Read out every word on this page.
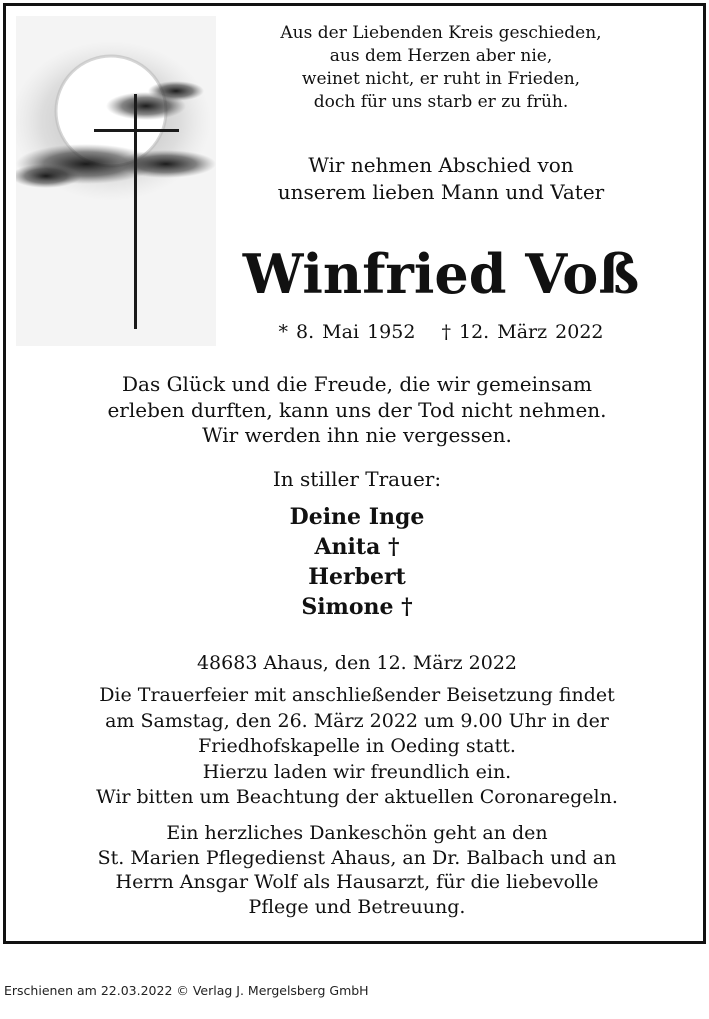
Aus der Liebenden Kreis geschieden,
aus dem Herzen aber nie,
weinet nicht, er ruht in Frieden,
doch für uns starb er zu früh.
Wir nehmen Abschied von
unserem lieben Mann und Vater
Winfried Voß
* 8. Mai 1952 † 12. März 2022
Das Glück und die Freude, die wir gemeinsam
erleben durften, kann uns der Tod nicht nehmen.
Wir werden ihn nie vergessen.
In stiller Trauer:
Deine Inge
Anita †
Herbert
Simone †
48683 Ahaus, den 12. März 2022
Die Trauerfeier mit anschließender Beisetzung findet
am Samstag, den 26. März 2022 um 9.00 Uhr in der
Friedhofskapelle in Oeding statt.
Hierzu laden wir freundlich ein.
Wir bitten um Beachtung der aktuellen Coronaregeln.
Ein herzliches Dankeschön geht an den
St. Marien Pflegedienst Ahaus, an Dr. Balbach und an
Herrn Ansgar Wolf als Hausarzt, für die liebevolle
Pflege und Betreuung.
Erschienen am 22.03.2022 © Verlag J. Mergelsberg GmbH
